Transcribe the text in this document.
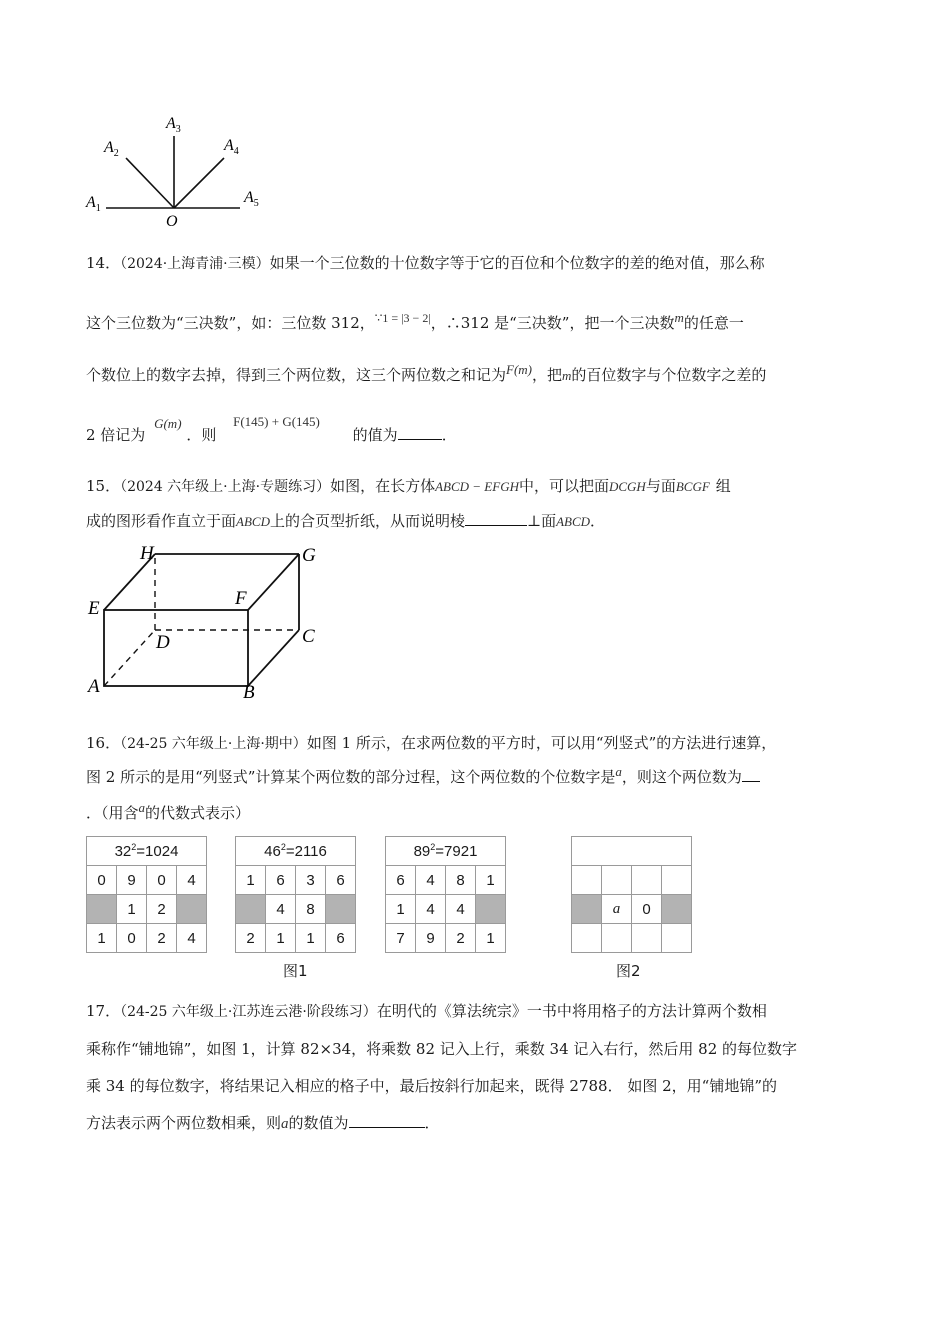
$A_1$
$A_2$
$A_3$
$A_4$
$A_5$
O
14．（2024·上海青浦·三模）如果一个三位数的十位数字等于它的百位和个位数字的差的绝对值，那么称
这个三位数为“三决数”，如：三位数 312，$^{\because 1 = |3 - 2|}$，∴312 是“三决数”，把一个三决数m的任意一
个数位上的数字去掉，得到三个两位数，这三个两位数之和记为F(m)，把m的百位数字与个位数字之差的
2 倍记为 G(m) ．则 F(145) + G(145) 的值为	．
15．（2024 六年级上·上海·专题练习）如图，在长方体ABCD − EFGH中，可以把面DCGH与面BCGF 组
成的图形看作直立于面ABCD上的合页型折纸，从而说明棱	⊥面ABCD．
H	G
E	F
D	C
A	B
16．（24-25 六年级上·上海·期中）如图 1 所示，在求两位数的平方时，可以用“列竖式”的方法进行速算，
图 2 所示的是用“列竖式”计算某个两位数的部分过程，这个两位数的个位数字是a，则这个两位数为
．（用含a的代数式表示）
$32^2=1024$			
0	9	0	4
	1	2	
1	0	2	4
$46^2=2116$			
1	6	3	6
	4	8	
2	1	1	6
$89^2=7921$			
6	4	8	1
1	4	4	
7	9	2	1

	a	0	

图1	图2
17．（24-25 六年级上·江苏连云港·阶段练习）在明代的《算法统宗》一书中将用格子的方法计算两个数相
乘称作“铺地锦”，如图 1，计算 82×34，将乘数 82 记入上行，乘数 34 记入右行，然后用 82 的每位数字
乘 34 的每位数字，将结果记入相应的格子中，最后按斜行加起来，既得 2788． 如图 2，用“铺地锦”的
方法表示两个两位数相乘，则a的数值为	．
